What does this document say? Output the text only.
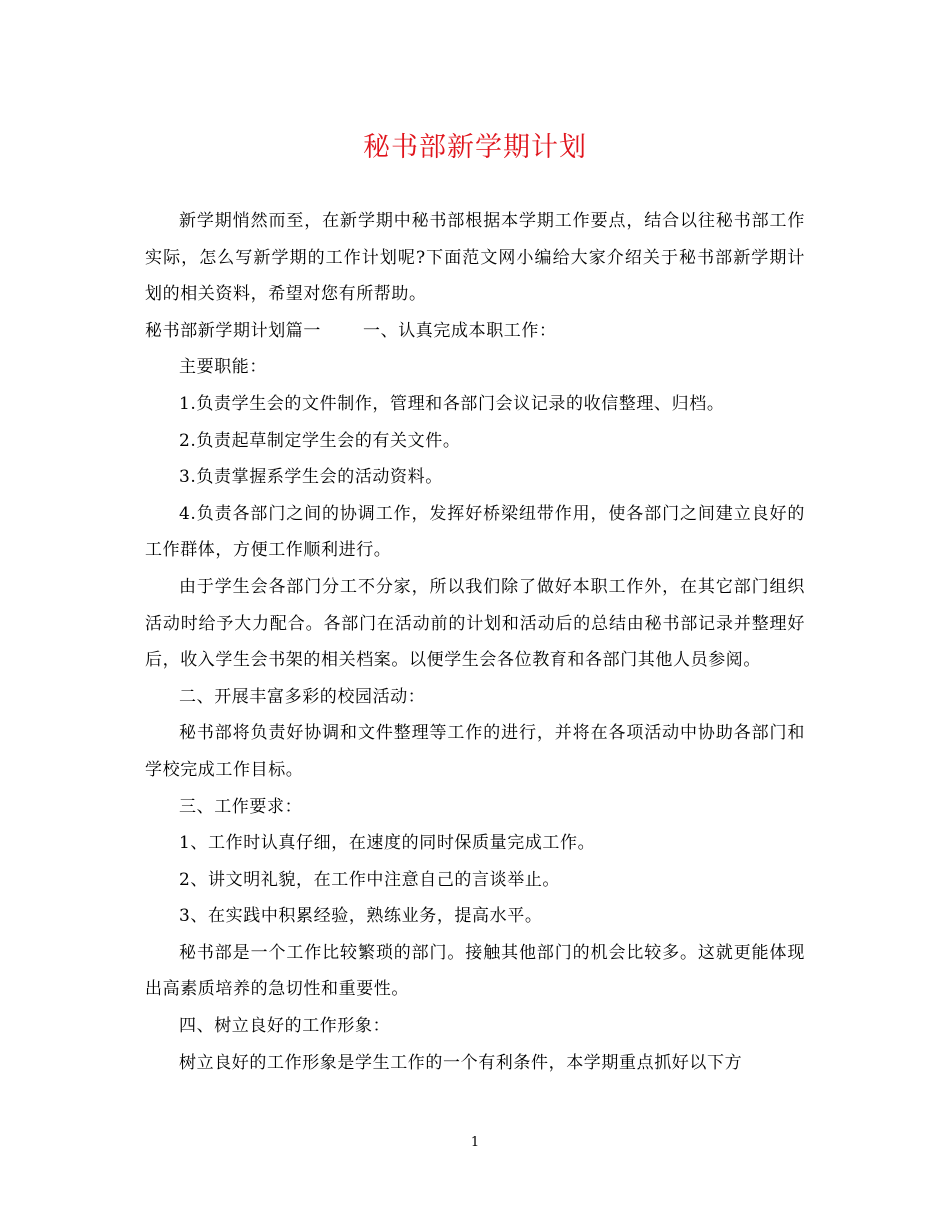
秘书部新学期计划

新学期悄然而至，在新学期中秘书部根据本学期工作要点，结合以往秘书部工作实际，怎么写新学期的工作计划呢?下面范文网小编给大家介绍关于秘书部新学期计划的相关资料，希望对您有所帮助。

秘书部新学期计划篇一 一、认真完成本职工作：

主要职能：

1.负责学生会的文件制作，管理和各部门会议记录的收信整理、归档。

2.负责起草制定学生会的有关文件。

3.负责掌握系学生会的活动资料。

4.负责各部门之间的协调工作，发挥好桥梁纽带作用，使各部门之间建立良好的工作群体，方便工作顺利进行。

由于学生会各部门分工不分家，所以我们除了做好本职工作外，在其它部门组织活动时给予大力配合。各部门在活动前的计划和活动后的总结由秘书部记录并整理好后，收入学生会书架的相关档案。以便学生会各位教育和各部门其他人员参阅。

二、开展丰富多彩的校园活动：

秘书部将负责好协调和文件整理等工作的进行，并将在各项活动中协助各部门和学校完成工作目标。

三、工作要求：

1、工作时认真仔细，在速度的同时保质量完成工作。

2、讲文明礼貌，在工作中注意自己的言谈举止。

3、在实践中积累经验，熟练业务，提高水平。

秘书部是一个工作比较繁琐的部门。接触其他部门的机会比较多。这就更能体现出高素质培养的急切性和重要性。

四、树立良好的工作形象：

树立良好的工作形象是学生工作的一个有利条件，本学期重点抓好以下方

1
